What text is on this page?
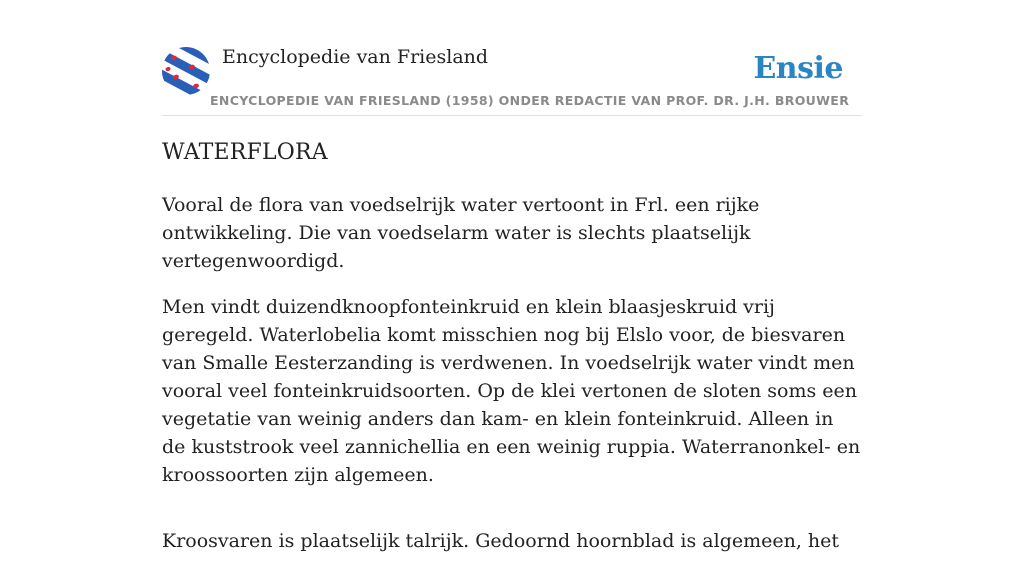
Encyclopedie van Friesland
ENCYCLOPEDIE VAN FRIESLAND (1958) ONDER REDACTIE VAN PROF. DR. J.H. BROUWER
Ensie
WATERFLORA

Vooral de flora van voedselrijk water vertoont in Frl. een rijke ontwikkeling. Die van voedselarm water is slechts plaatselijk vertegenwoordigd.

Men vindt duizendknoopfonteinkruid en klein blaasjeskruid vrij geregeld. Waterlobelia komt misschien nog bij Elslo voor, de biesvaren van Smalle Eesterzanding is verdwenen. In voedselrijk water vindt men vooral veel fonteinkruidsoorten. Op de klei vertonen de sloten soms een vegetatie van weinig anders dan kam- en klein fonteinkruid. Alleen in de kuststrook veel zannichellia en een weinig ruppia. Waterranonkel- en kroossoorten zijn algemeen.

Kroosvaren is plaatselijk talrijk. Gedoornd hoornblad is algemeen, het
